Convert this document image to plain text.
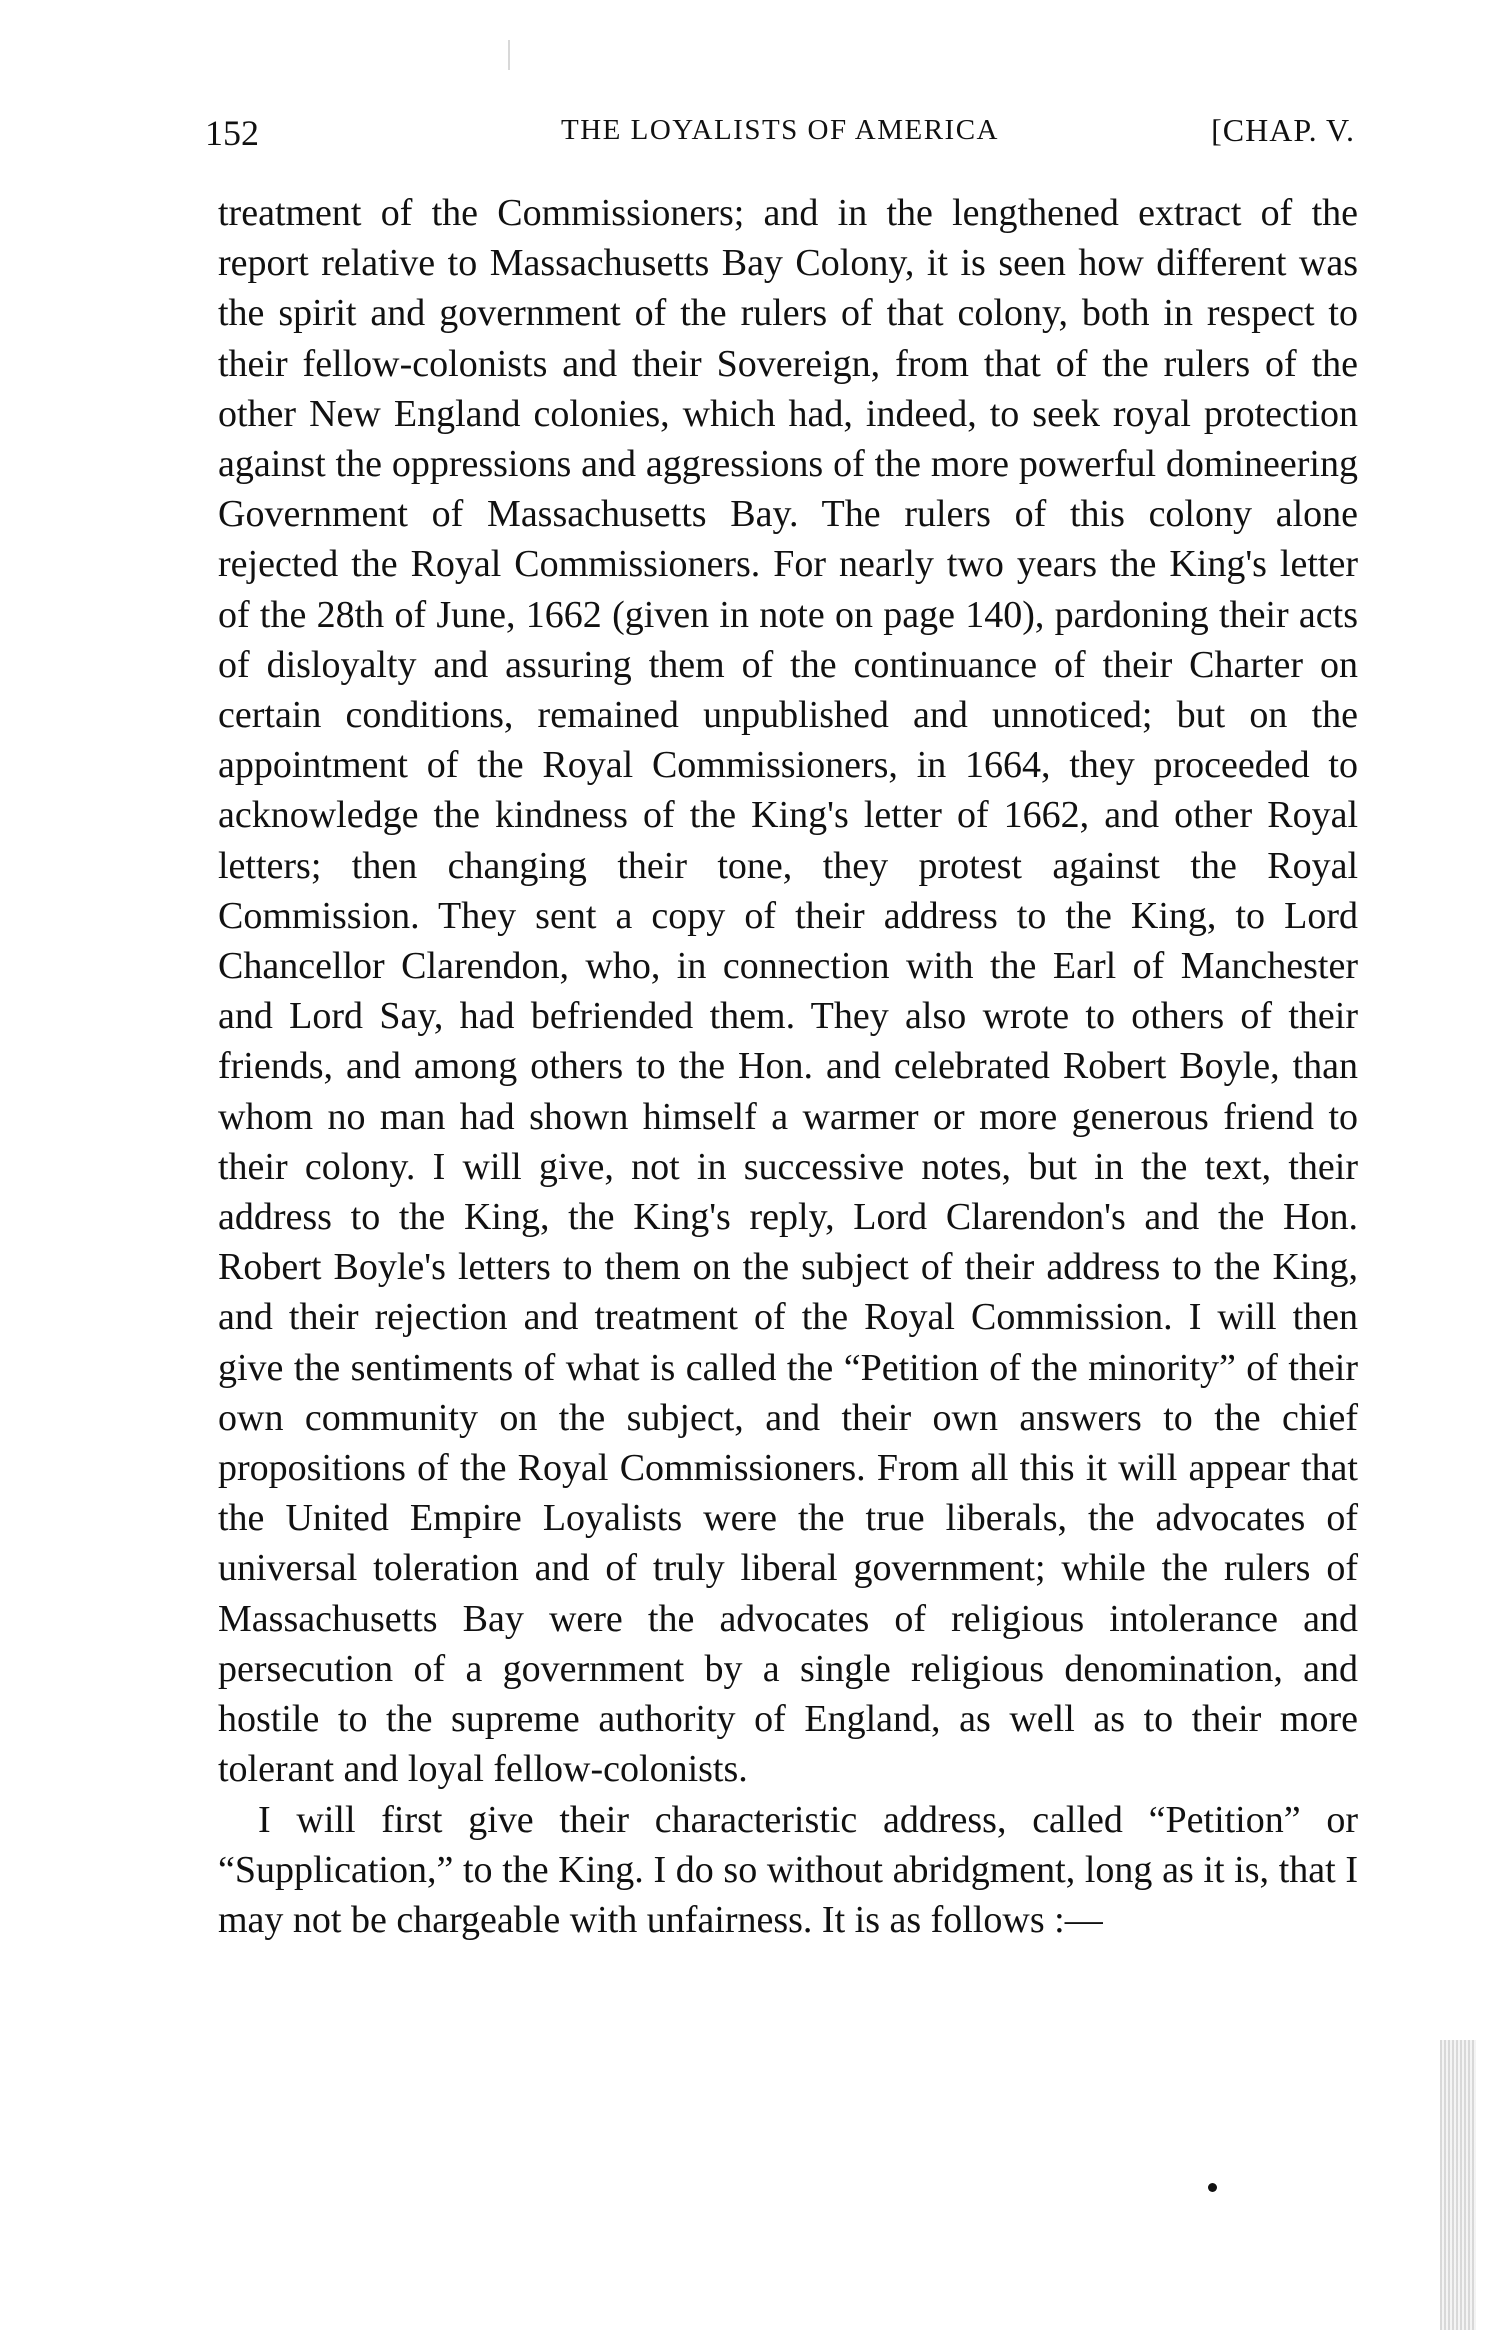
152	THE LOYALISTS OF AMERICA	[CHAP. V.

treatment of the Commissioners; and in the lengthened extract of the report relative to Massachusetts Bay Colony, it is seen how different was the spirit and government of the rulers of that colony, both in respect to their fellow-colonists and their Sovereign, from that of the rulers of the other New England colonies, which had, indeed, to seek royal protection against the oppressions and aggressions of the more powerful domineering Government of Massachusetts Bay. The rulers of this colony alone rejected the Royal Commissioners. For nearly two years the King's letter of the 28th of June, 1662 (given in note on page 140), pardoning their acts of disloyalty and assuring them of the continuance of their Charter on certain conditions, remained unpublished and unnoticed; but on the appointment of the Royal Commissioners, in 1664, they proceeded to acknowledge the kindness of the King's letter of 1662, and other Royal letters; then changing their tone, they protest against the Royal Commission. They sent a copy of their address to the King, to Lord Chancellor Clarendon, who, in connection with the Earl of Manchester and Lord Say, had befriended them. They also wrote to others of their friends, and among others to the Hon. and celebrated Robert Boyle, than whom no man had shown himself a warmer or more generous friend to their colony. I will give, not in successive notes, but in the text, their address to the King, the King's reply, Lord Clarendon's and the Hon. Robert Boyle's letters to them on the subject of their address to the King, and their rejection and treatment of the Royal Commission. I will then give the sentiments of what is called the “Petition of the minority” of their own community on the subject, and their own answers to the chief propositions of the Royal Commissioners. From all this it will appear that the United Empire Loyalists were the true liberals, the advocates of universal toleration and of truly liberal government; while the rulers of Massachusetts Bay were the advocates of religious intolerance and persecution of a government by a single religious denomination, and hostile to the supreme authority of England, as well as to their more tolerant and loyal fellow-colonists.

I will first give their characteristic address, called “Petition” or “Supplication,” to the King. I do so without abridgment, long as it is, that I may not be chargeable with unfairness. It is as follows :—
